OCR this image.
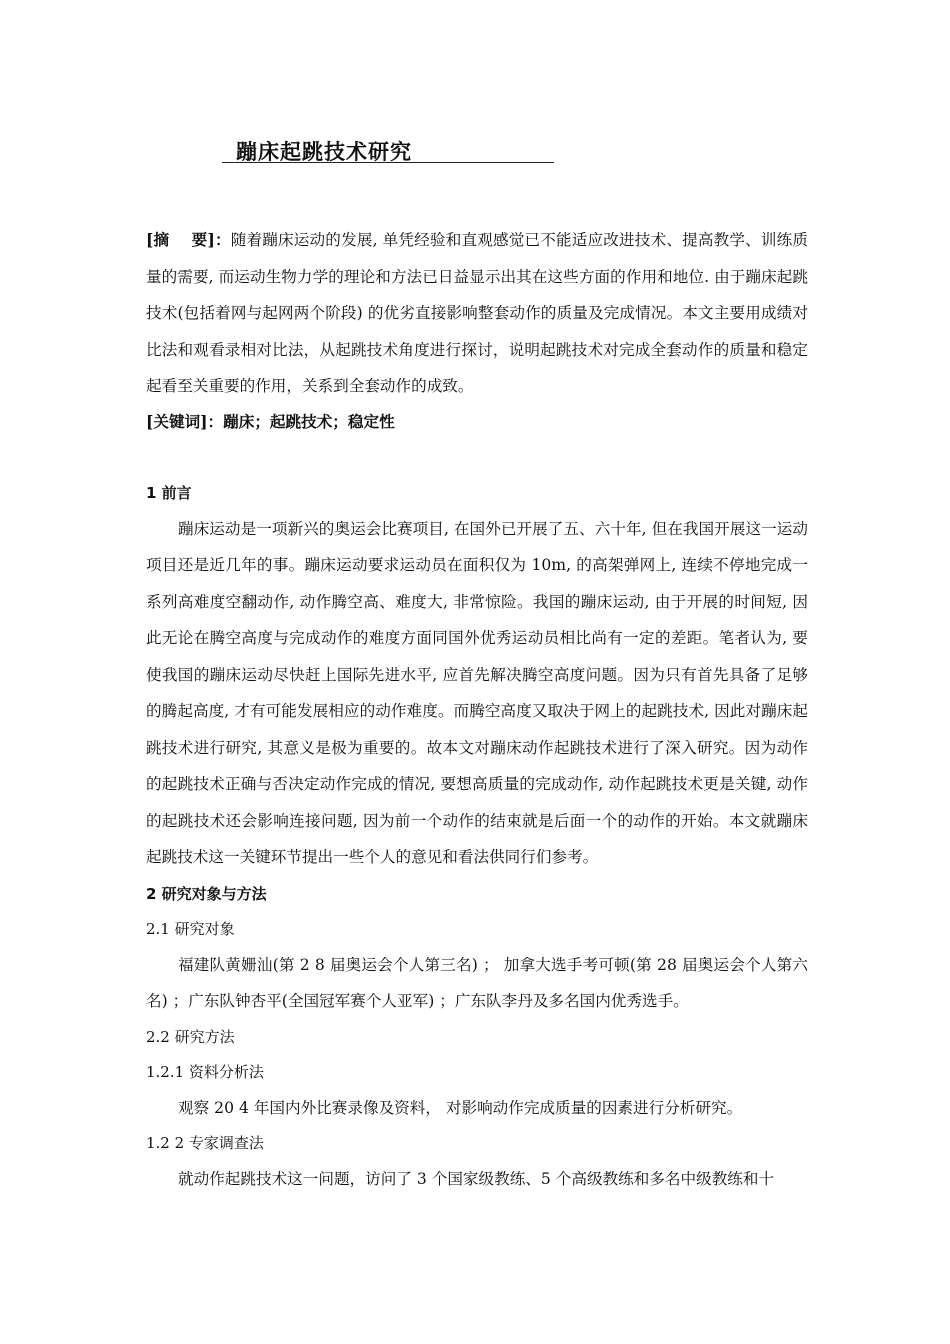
蹦床起跳技术研究

[摘    要]：随着蹦床运动的发展, 单凭经验和直观感觉已不能适应改进技术、提高教学、训练质量的需要, 而运动生物力学的理论和方法已日益显示出其在这些方面的作用和地位. 由于蹦床起跳技术(包括着网与起网两个阶段) 的优劣直接影响整套动作的质量及完成情况。本文主要用成绩对比法和观看录相对比法，从起跳技术角度进行探讨，说明起跳技术对完成全套动作的质量和稳定起看至关重要的作用，关系到全套动作的成致。

[关键词]：蹦床；起跳技术；稳定性

1 前言

蹦床运动是一项新兴的奥运会比赛项目, 在国外已开展了五、六十年, 但在我国开展这一运动项目还是近几年的事。蹦床运动要求运动员在面积仅为 10m, 的高架弹网上, 连续不停地完成一系列高难度空翻动作, 动作腾空高、难度大, 非常惊险。我国的蹦床运动, 由于开展的时间短, 因此无论在腾空高度与完成动作的难度方面同国外优秀运动员相比尚有一定的差距。笔者认为, 要使我国的蹦床运动尽快赶上国际先进水平, 应首先解决腾空高度问题。因为只有首先具备了足够的腾起高度, 才有可能发展相应的动作难度。而腾空高度又取决于网上的起跳技术, 因此对蹦床起跳技术进行研究, 其意义是极为重要的。故本文对蹦床动作起跳技术进行了深入研究。因为动作的起跳技术正确与否决定动作完成的情况, 要想高质量的完成动作, 动作起跳技术更是关键, 动作的起跳技术还会影响连接问题, 因为前一个动作的结束就是后面一个的动作的开始。本文就蹦床起跳技术这一关键环节提出一些个人的意见和看法供同行们参考。

2 研究对象与方法

2.1 研究对象

福建队黄姗汕(第 2 8 届奥运会个人第三名) ； 加拿大选手考可顿(第 28 届奥运会个人第六名) ；广东队钟杏平(全国冠军赛个人亚军) ；广东队李丹及多名国内优秀选手。

2.2 研究方法

1.2.1 资料分析法

观察 20 4 年国内外比赛录像及资料， 对影响动作完成质量的因素进行分析研究。

1.2 2 专家调查法

就动作起跳技术这一问题，访问了 3 个国家级教练、5 个高级教练和多名中级教练和十
